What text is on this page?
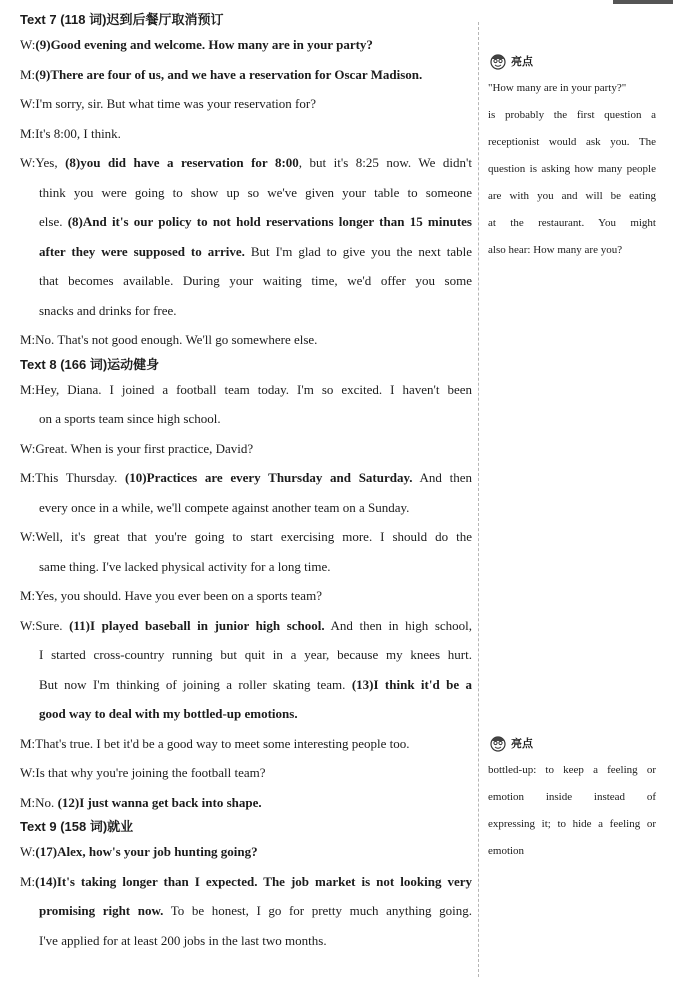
Text 7 (118 词)迟到后餐厅取消预订
W:(9)Good evening and welcome. How many are in your party?
M:(9)There are four of us, and we have a reservation for Oscar Madison.
W:I'm sorry, sir. But what time was your reservation for?
M:It's 8:00, I think.
W:Yes, (8)you did have a reservation for 8:00, but it's 8:25 now. We didn't
think you were going to show up so we've given your table to someone
else. (8)And it's our policy to not hold reservations longer than 15 minutes
after they were supposed to arrive. But I'm glad to give you the next table
that becomes available. During your waiting time, we'd offer you some
snacks and drinks for free.
M:No. That's not good enough. We'll go somewhere else.
Text 8 (166 词)运动健身
M:Hey, Diana. I joined a football team today. I'm so excited. I haven't been
on a sports team since high school.
W:Great. When is your first practice, David?
M:This Thursday. (10)Practices are every Thursday and Saturday. And then
every once in a while, we'll compete against another team on a Sunday.
W:Well, it's great that you're going to start exercising more. I should do the
same thing. I've lacked physical activity for a long time.
M:Yes, you should. Have you ever been on a sports team?
W:Sure. (11)I played baseball in junior high school. And then in high school,
I started cross-country running but quit in a year, because my knees hurt.
But now I'm thinking of joining a roller skating team. (13)I think it'd be a
good way to deal with my bottled-up emotions.
M:That's true. I bet it'd be a good way to meet some interesting people too.
W:Is that why you're joining the football team?
M:No. (12)I just wanna get back into shape.
Text 9 (158 词)就业
W:(17)Alex, how's your job hunting going?
M:(14)It's taking longer than I expected. The job market is not looking very
promising right now. To be honest, I go for pretty much anything going.
I've applied for at least 200 jobs in the last two months.
亮点
"How many are in your party?"
is probably the first question a
receptionist would ask you. The
question is asking how many people
are with you and will be eating
at the restaurant. You might
also hear: How many are you?
亮点
bottled-up: to keep a feeling or
emotion inside instead of
expressing it; to hide a feeling or
emotion
